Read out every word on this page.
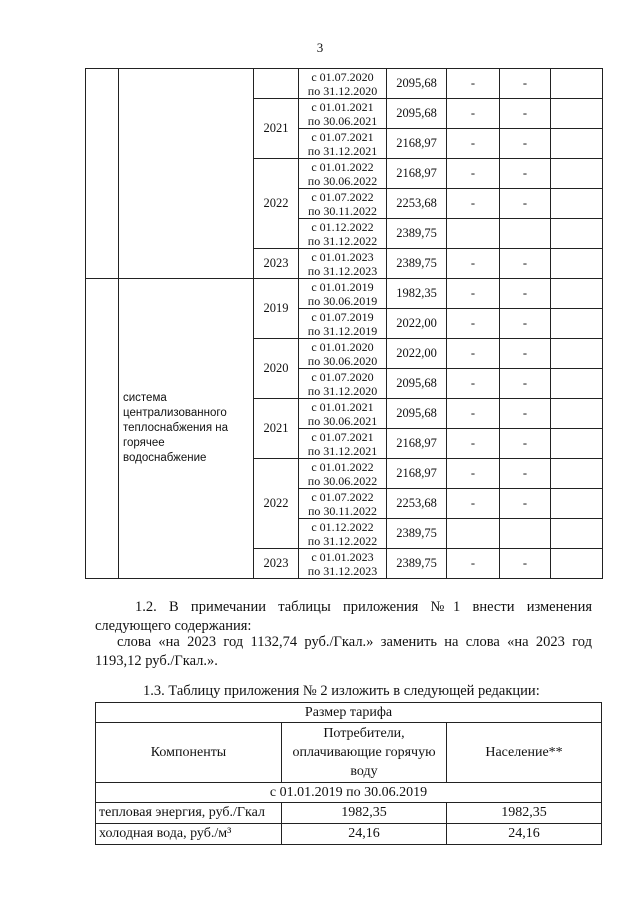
3

			с 01.07.2020
по 31.12.2020	2095,68	-	-	
		2021	с 01.01.2021
по 30.06.2021	2095,68	-	-	

			с 01.07.2021
по 31.12.2021	2168,97	-	-	
		2022	с 01.01.2022
по 30.06.2022	2168,97	-	-	

			с 01.07.2022
по 30.11.2022	2253,68	-	-	

			с 01.12.2022
по 31.12.2022	2389,75			
		2023	с 01.01.2023
по 31.12.2023	2389,75	-	-	
	система централизованного теплоснабжения на горячее водоснабжение	2019	с 01.01.2019
по 30.06.2019	1982,35	-	-	

			с 01.07.2019
по 31.12.2019	2022,00	-	-	
		2020	с 01.01.2020
по 30.06.2020	2022,00	-	-	

			с 01.07.2020
по 31.12.2020	2095,68	-	-	
		2021	с 01.01.2021
по 30.06.2021	2095,68	-	-	

			с 01.07.2021
по 31.12.2021	2168,97	-	-	
		2022	с 01.01.2022
по 30.06.2022	2168,97	-	-	

			с 01.07.2022
по 30.11.2022	2253,68	-	-	

			с 01.12.2022
по 31.12.2022	2389,75			
		2023	с 01.01.2023
по 31.12.2023	2389,75	-	-	
1.2. В примечании таблицы приложения №1 внести изменения следующего содержания:
слова «на 2023 год 1132,74 руб./Гкал.» заменить на слова «на 2023 год 1193,12 руб./Гкал.».
1.3. Таблицу приложения № 2 изложить в следующей редакции:
Размер тарифа		
Компоненты	Потребители, оплачивающие горячую воду	Население**
с 01.01.2019 по 30.06.2019		
тепловая энергия, руб./Гкал	1982,35	1982,35
холодная вода, руб./м³	24,16	24,16
